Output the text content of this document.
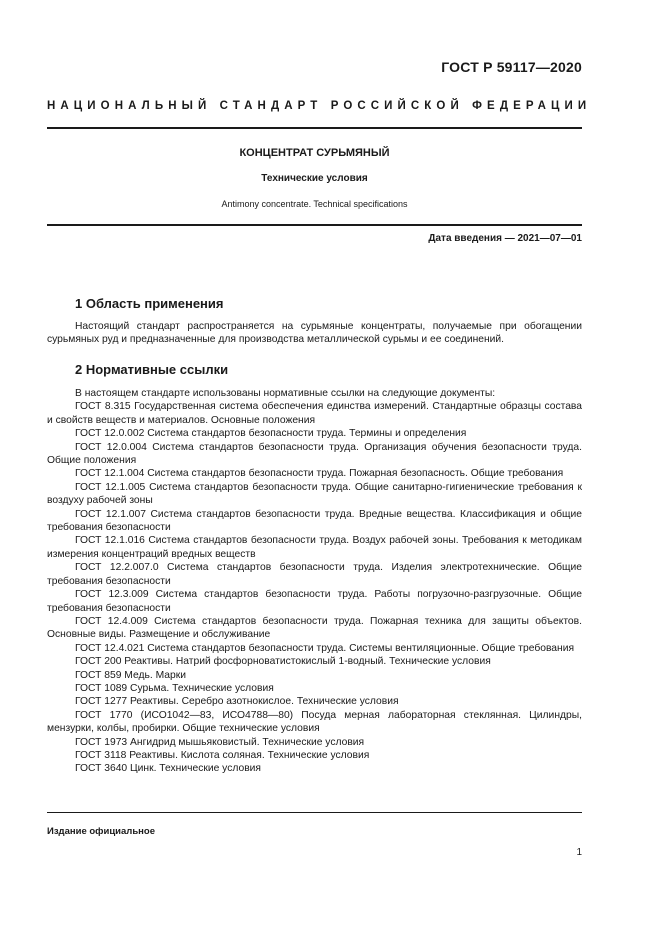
ГОСТ Р 59117—2020
НАЦИОНАЛЬНЫЙ СТАНДАРТ РОССИЙСКОЙ ФЕДЕРАЦИИ
КОНЦЕНТРАТ СУРЬМЯНЫЙ
Технические условия
Antimony concentrate. Technical specifications
Дата введения — 2021—07—01
1 Область применения

Настоящий стандарт распространяется на сурьмяные концентраты, получаемые при обогащении сурьмяных руд и предназначенные для производства металлической сурьмы и ее соединений.

2 Нормативные ссылки

В настоящем стандарте использованы нормативные ссылки на следующие документы:

ГОСТ 8.315 Государственная система обеспечения единства измерений. Стандартные образцы состава и свойств веществ и материалов. Основные положения

ГОСТ 12.0.002 Система стандартов безопасности труда. Термины и определения

ГОСТ 12.0.004 Система стандартов безопасности труда. Организация обучения безопасности труда. Общие положения

ГОСТ 12.1.004 Система стандартов безопасности труда. Пожарная безопасность. Общие требования

ГОСТ 12.1.005 Система стандартов безопасности труда. Общие санитарно-гигиенические требования к воздуху рабочей зоны

ГОСТ 12.1.007 Система стандартов безопасности труда. Вредные вещества. Классификация и общие требования безопасности

ГОСТ 12.1.016 Система стандартов безопасности труда. Воздух рабочей зоны. Требования к методикам измерения концентраций вредных веществ

ГОСТ 12.2.007.0 Система стандартов безопасности труда. Изделия электротехнические. Общие требования безопасности

ГОСТ 12.3.009 Система стандартов безопасности труда. Работы погрузочно-разгрузочные. Общие требования безопасности

ГОСТ 12.4.009 Система стандартов безопасности труда. Пожарная техника для защиты объектов. Основные виды. Размещение и обслуживание

ГОСТ 12.4.021 Система стандартов безопасности труда. Системы вентиляционные. Общие требования

ГОСТ 200 Реактивы. Натрий фосфорноватистокислый 1-водный. Технические условия

ГОСТ 859 Медь. Марки

ГОСТ 1089 Сурьма. Технические условия

ГОСТ 1277 Реактивы. Серебро азотнокислое. Технические условия

ГОСТ 1770 (ИСО1042—83, ИСО4788—80) Посуда мерная лабораторная стеклянная. Цилиндры, мензурки, колбы, пробирки. Общие технические условия

ГОСТ 1973 Ангидрид мышьяковистый. Технические условия

ГОСТ 3118 Реактивы. Кислота соляная. Технические условия

ГОСТ 3640 Цинк. Технические условия

Издание официальное
1
